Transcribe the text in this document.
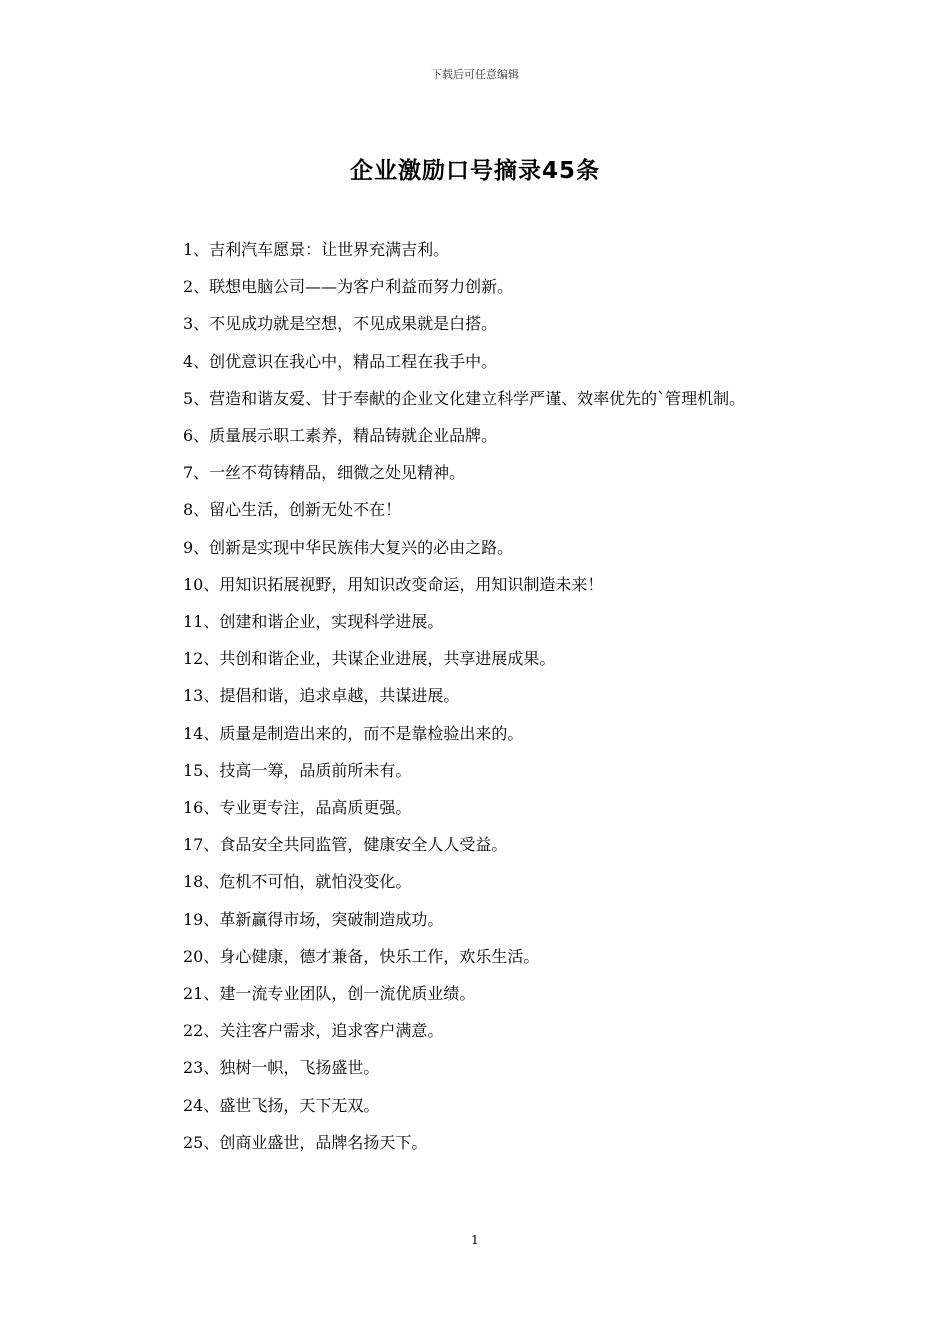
下载后可任意编辑
企业激励口号摘录45条

1、吉利汽车愿景：让世界充满吉利。

2、联想电脑公司——为客户利益而努力创新。

3、不见成功就是空想，不见成果就是白搭。

4、创优意识在我心中，精品工程在我手中。

5、营造和谐友爱、甘于奉献的企业文化建立科学严谨、效率优先的`管理机制。

6、质量展示职工素养，精品铸就企业品牌。

7、一丝不苟铸精品，细微之处见精神。

8、留心生活，创新无处不在！

9、创新是实现中华民族伟大复兴的必由之路。

10、用知识拓展视野，用知识改变命运，用知识制造未来！

11、创建和谐企业，实现科学进展。

12、共创和谐企业，共谋企业进展，共享进展成果。

13、提倡和谐，追求卓越，共谋进展。

14、质量是制造出来的，而不是靠检验出来的。

15、技高一筹，品质前所未有。

16、专业更专注，品高质更强。

17、食品安全共同监管，健康安全人人受益。

18、危机不可怕，就怕没变化。

19、革新赢得市场，突破制造成功。

20、身心健康，德才兼备，快乐工作，欢乐生活。

21、建一流专业团队，创一流优质业绩。

22、关注客户需求，追求客户满意。

23、独树一帜，飞扬盛世。

24、盛世飞扬，天下无双。

25、创商业盛世，品牌名扬天下。

1
